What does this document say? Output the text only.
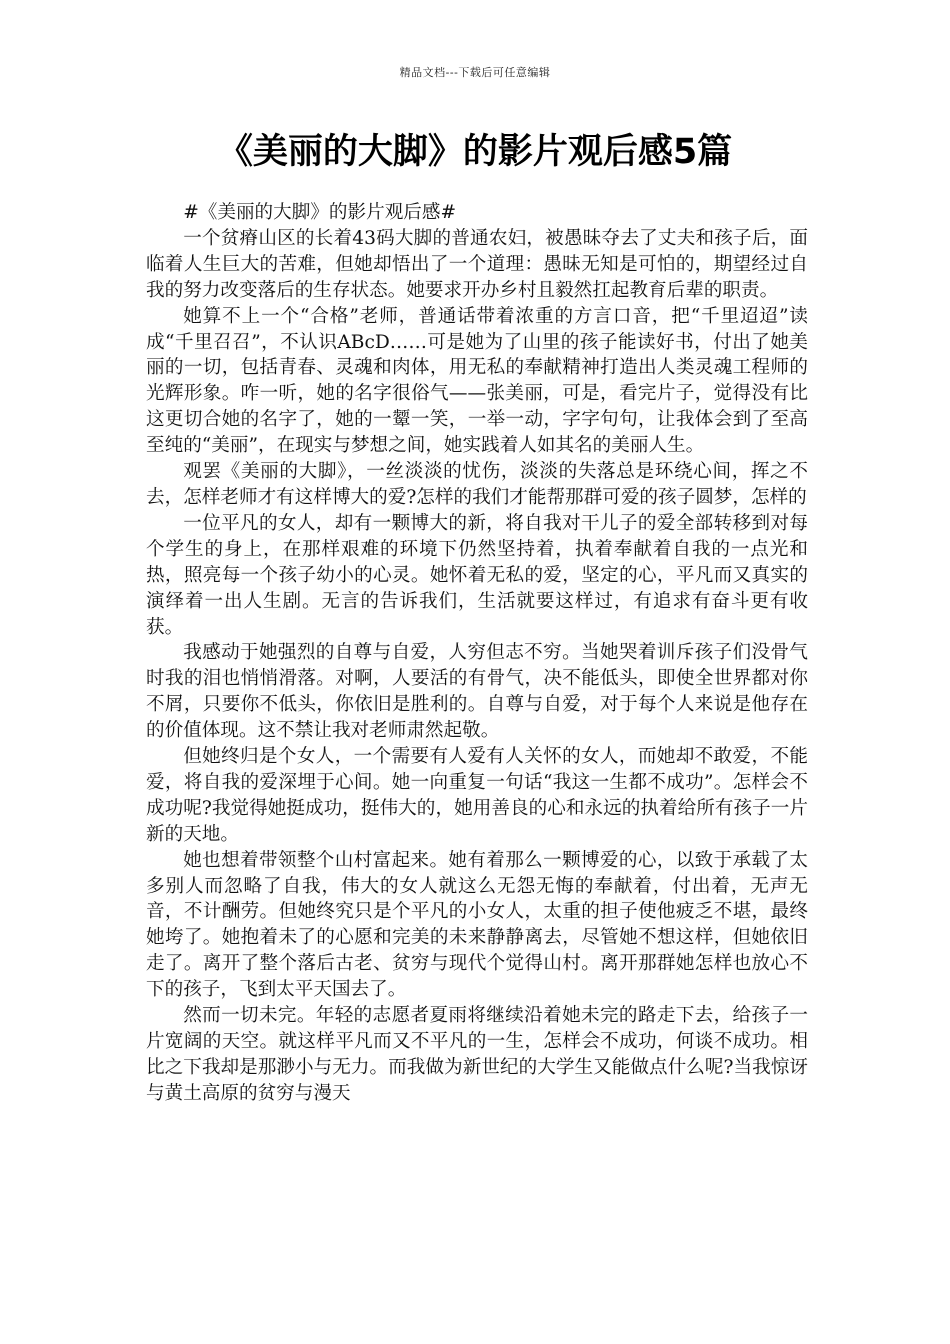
精品文档---下载后可任意编辑
《美丽的大脚》的影片观后感5篇

#《美丽的大脚》的影片观后感#

一个贫瘠山区的长着43码大脚的普通农妇，被愚昧夺去了丈夫和孩子后，面临着人生巨大的苦难，但她却悟出了一个道理：愚昧无知是可怕的，期望经过自我的努力改变落后的生存状态。她要求开办乡村且毅然扛起教育后辈的职责。

她算不上一个“合格”老师，普通话带着浓重的方言口音，把“千里迢迢”读成“千里召召”，不认识ABcD……可是她为了山里的孩子能读好书，付出了她美丽的一切，包括青春、灵魂和肉体，用无私的奉献精神打造出人类灵魂工程师的光辉形象。咋一听，她的名字很俗气——张美丽，可是，看完片子，觉得没有比这更切合她的名字了，她的一颦一笑，一举一动，字字句句，让我体会到了至高至纯的“美丽”，在现实与梦想之间，她实践着人如其名的美丽人生。

观罢《美丽的大脚》，一丝淡淡的忧伤，淡淡的失落总是环绕心间，挥之不去，怎样老师才有这样博大的爱?怎样的我们才能帮那群可爱的孩子圆梦，怎样的

一位平凡的女人，却有一颗博大的新，将自我对干儿子的爱全部转移到对每个学生的身上，在那样艰难的环境下仍然坚持着，执着奉献着自我的一点光和热，照亮每一个孩子幼小的心灵。她怀着无私的爱，坚定的心，平凡而又真实的演绎着一出人生剧。无言的告诉我们，生活就要这样过，有追求有奋斗更有收获。

我感动于她强烈的自尊与自爱，人穷但志不穷。当她哭着训斥孩子们没骨气时我的泪也悄悄滑落。对啊，人要活的有骨气，决不能低头，即使全世界都对你不屑，只要你不低头，你依旧是胜利的。自尊与自爱，对于每个人来说是他存在的价值体现。这不禁让我对老师肃然起敬。

但她终归是个女人，一个需要有人爱有人关怀的女人，而她却不敢爱，不能爱，将自我的爱深埋于心间。她一向重复一句话“我这一生都不成功”。怎样会不成功呢?我觉得她挺成功，挺伟大的，她用善良的心和永远的执着给所有孩子一片新的天地。

她也想着带领整个山村富起来。她有着那么一颗博爱的心，以致于承载了太多别人而忽略了自我，伟大的女人就这么无怨无悔的奉献着，付出着，无声无音，不计酬劳。但她终究只是个平凡的小女人，太重的担子使他疲乏不堪，最终她垮了。她抱着未了的心愿和完美的未来静静离去，尽管她不想这样，但她依旧走了。离开了整个落后古老、贫穷与现代个觉得山村。离开那群她怎样也放心不下的孩子，飞到太平天国去了。

然而一切未完。年轻的志愿者夏雨将继续沿着她未完的路走下去，给孩子一片宽阔的天空。就这样平凡而又不平凡的一生，怎样会不成功，何谈不成功。相比之下我却是那渺小与无力。而我做为新世纪的大学生又能做点什么呢?当我惊讶与黄土高原的贫穷与漫天
